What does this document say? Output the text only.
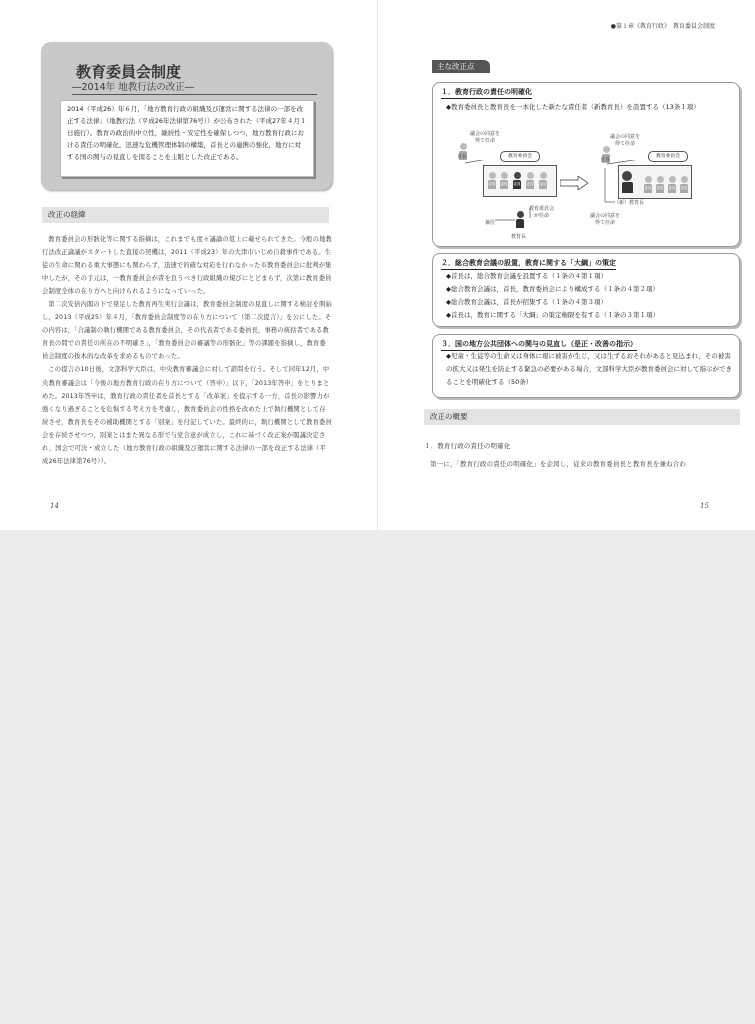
●第１章《教育行政》　教育委員会制度
教育委員会制度
―2014年 地教行法の改正―
2014（平成26）年６月，「地方教育行政の組織及び運営に関する法律の一部を改正する法律」（地教行法（平成26年法律第76号））が公布された（平成27年４月１日施行）。教育の政治的中立性，継続性・安定性を確保しつつ，地方教育行政における責任の明確化，迅速な危機管理体制の構築，首長との連携の強化，地方に対する国の関与の見直しを図ることを主眼とした改正である。
改正の経緯

教育委員会の形骸化等に関する指摘は，これまでも度々議論の俎上に載せられてきた。今般の地教行法改正論議がスタートした直接の契機は，2011（平成23）年の大津市いじめ自殺事件である。生徒の生命に関わる重大事態にも関わらず，迅速で的確な対応を行わなかった市教育委員会に批判が集中したが，その手元は，一教育委員会が責を負うべき行政組織の規びにとどまらず，次第に教育委員会制度全体の在り方へと向けられるようになっていった。

第二次安倍内閣の下で発足した教育再生実行会議は，教育委員会制度の見直しに関する検討を開始し，2013（平成25）年４月，「教育委員会制度等の在り方について（第二次提言）」を公にした。その内容は，「合議制の執行機関である教育委員会，その代表者である委員長，事務の統括者である教育長の間での責任の所在の不明確さ」，「教育委員会の審議等の形骸化」等の課題を指摘し，教育委員会制度の抜本的な改革を求めるものであった。

この提言の10日後，文部科学大臣は，中央教育審議会に対して諮問を行う。そして同年12月，中央教育審議会は「今後の地方教育行政の在り方について（答申）」以下，「2013年答申」をとりまとめた。2013年答申は，教育行政の責任者を首長とする「改革案」を提示する一方，首長の影響力が強くなり過ぎることを危惧する考え方を考慮し，教育委員会の性格を改めた上で執行機関として存続させ，教育長をその補助機関とする「別案」を付記していた。最終的に，執行機関として教育委員会を存続させつつ，別案とはまた異なる形で与党合意が成立し，これに基づく改正案が閣議決定され，国会で可決・成立した（地方教育行政の組織及び運営に関する法律の一部を改正する法律（平成26年法律第76号））。

14
主な改正点
１．教育行政の責任の明確化
◆教育委員長と教育長を一本化した新たな責任者（新教育長）を設置する（13条１項）
議会の同意を
得て任命
首長	教育委員会
委員 委員 委員長
委員 委員
教育委員会
が任命
兼任
教育長
議会の同意を
得て任命
首長
教育委員会
委員 委員 委員 委員
（新）教育長
議会の同意を
得て任命
２．総合教育会議の設置，教育に関する「大綱」の策定
◆首長は，総合教育会議を設置する（１条の４第１項）
◆総合教育会議は，首長，教育委員会により構成する（１条の４第２項）
◆総合教育会議は，首長が招集する（１条の４第３項）
◆首長は，教育に関する「大綱」の策定権限を有する（１条の３第１項）
３．国の地方公共団体への関与の見直し（是正・改善の指示）
◆児童・生徒等の生命又は身体に現に被害が生じ，又は生ずるおそれがあると見込まれ，その被害の拡大又は発生を防止する緊急の必要がある場合，文部科学大臣が教育委員会に対して指示ができることを明確化する（50条）
改正の概要
１．教育行政の責任の明確化
第一に，「教育行政の責任の明確化」を企図し，従来の教育委員長と教育長を兼ね合わ
15
